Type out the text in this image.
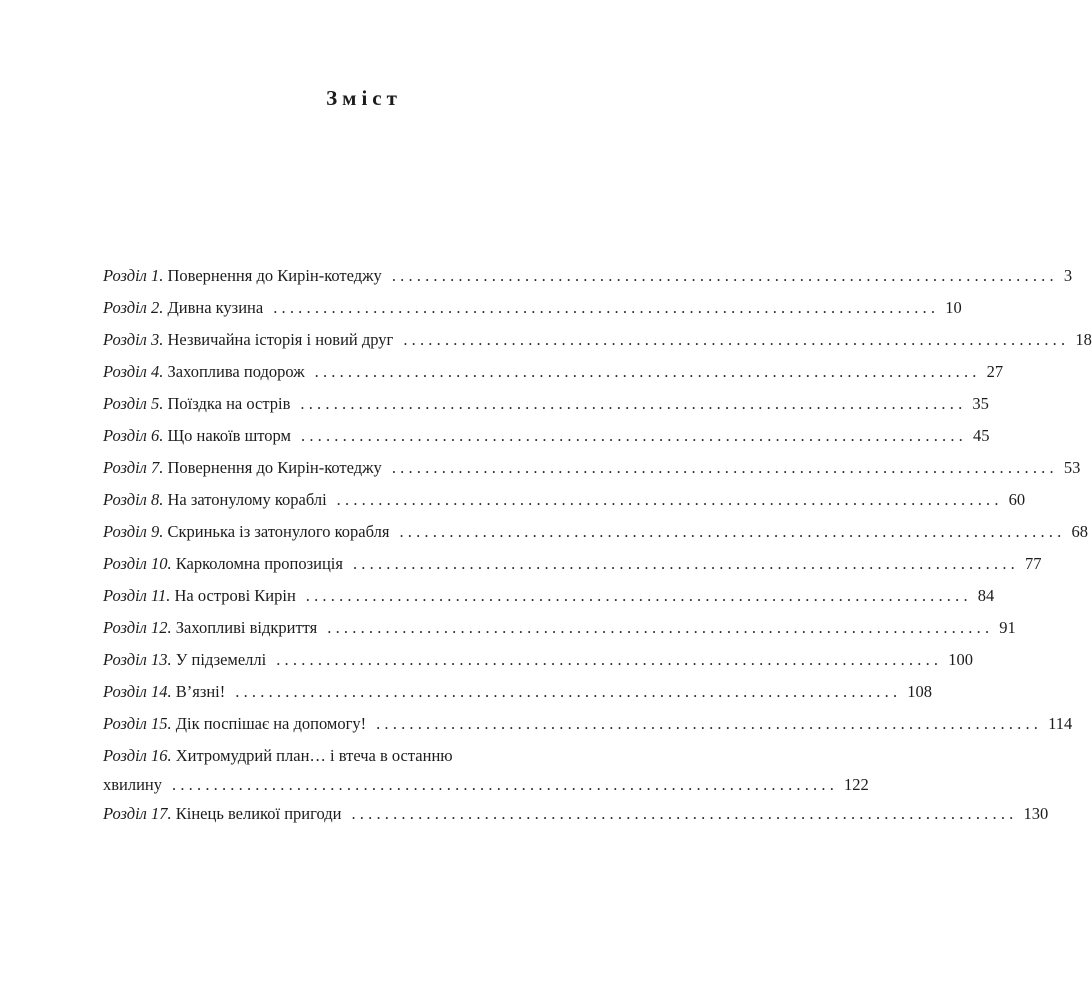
Зміст
Розділ 1.
Повернення до Кирін-котеджу ................................................................................ 3
Розділ 2.
Дивна кузина ................................................................................ 10
Розділ 3.
Незвичайна історія і новий друг ................................................................................ 18
Розділ 4.
Захоплива подорож ................................................................................ 27
Розділ 5.
Поїздка на острів ................................................................................ 35
Розділ 6.
Що накоїв шторм ................................................................................ 45
Розділ 7.
Повернення до Кирін-котеджу ................................................................................ 53
Розділ 8.
На затонулому кораблі ................................................................................ 60
Розділ 9.
Скринька із затонулого корабля ................................................................................ 68
Розділ 10.
Карколомна пропозиція ................................................................................ 77
Розділ 11.
На острові Кирін ................................................................................ 84
Розділ 12.
Захопливі відкриття ................................................................................ 91
Розділ 13.
У підземеллі ................................................................................ 100
Розділ 14.
В’язні! ................................................................................ 108
Розділ 15.
Дік поспішає на допомогу! ................................................................................ 114
Розділ 16. Хитромудрий план… і втеча в останню
хвилину ................................................................................ 122
Розділ 17.
Кінець великої пригоди ................................................................................ 130
